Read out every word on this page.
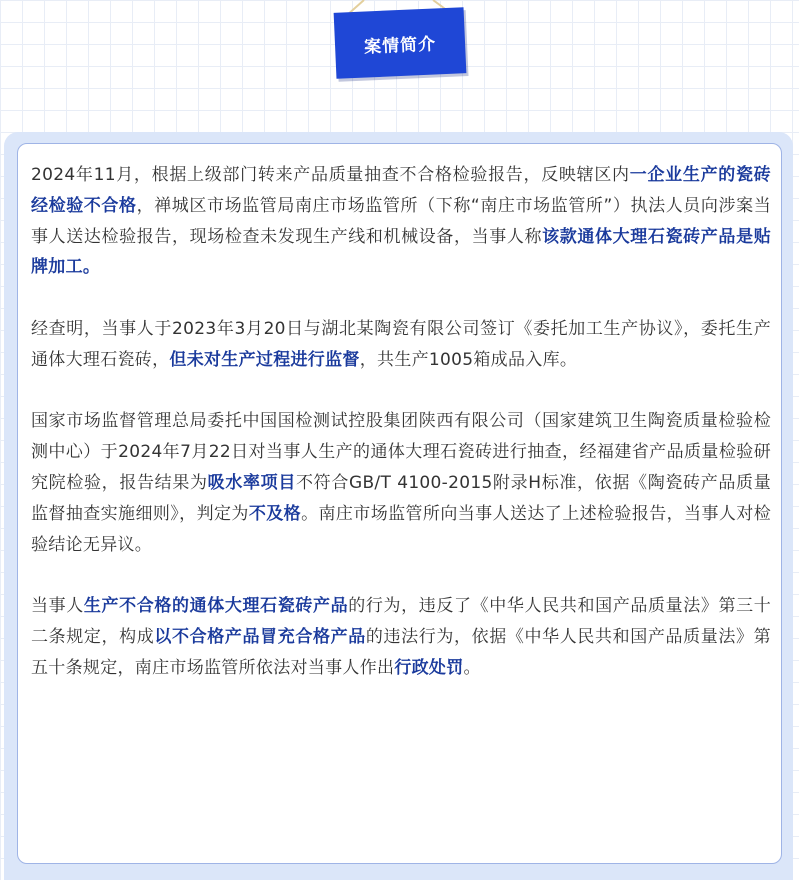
案情简介

2024年11月，根据上级部门转来产品质量抽查不合格检验报告，反映辖区内一企业生产的瓷砖经检验不合格，禅城区市场监管局南庄市场监管所（下称“南庄市场监管所”）执法人员向涉案当事人送达检验报告，现场检查未发现生产线和机械设备，当事人称该款通体大理石瓷砖产品是贴牌加工。

经查明，当事人于2023年3月20日与湖北某陶瓷有限公司签订《委托加工生产协议》，委托生产通体大理石瓷砖，但未对生产过程进行监督，共生产1005箱成品入库。

国家市场监督管理总局委托中国国检测试控股集团陕西有限公司（国家建筑卫生陶瓷质量检验检测中心）于2024年7月22日对当事人生产的通体大理石瓷砖进行抽查，经福建省产品质量检验研究院检验，报告结果为吸水率项目不符合GB/T 4100-2015附录H标准，依据《陶瓷砖产品质量监督抽查实施细则》，判定为不及格。南庄市场监管所向当事人送达了上述检验报告，当事人对检验结论无异议。

当事人生产不合格的通体大理石瓷砖产品的行为，违反了《中华人民共和国产品质量法》第三十二条规定，构成以不合格产品冒充合格产品的违法行为，依据《中华人民共和国产品质量法》第五十条规定，南庄市场监管所依法对当事人作出行政处罚。
